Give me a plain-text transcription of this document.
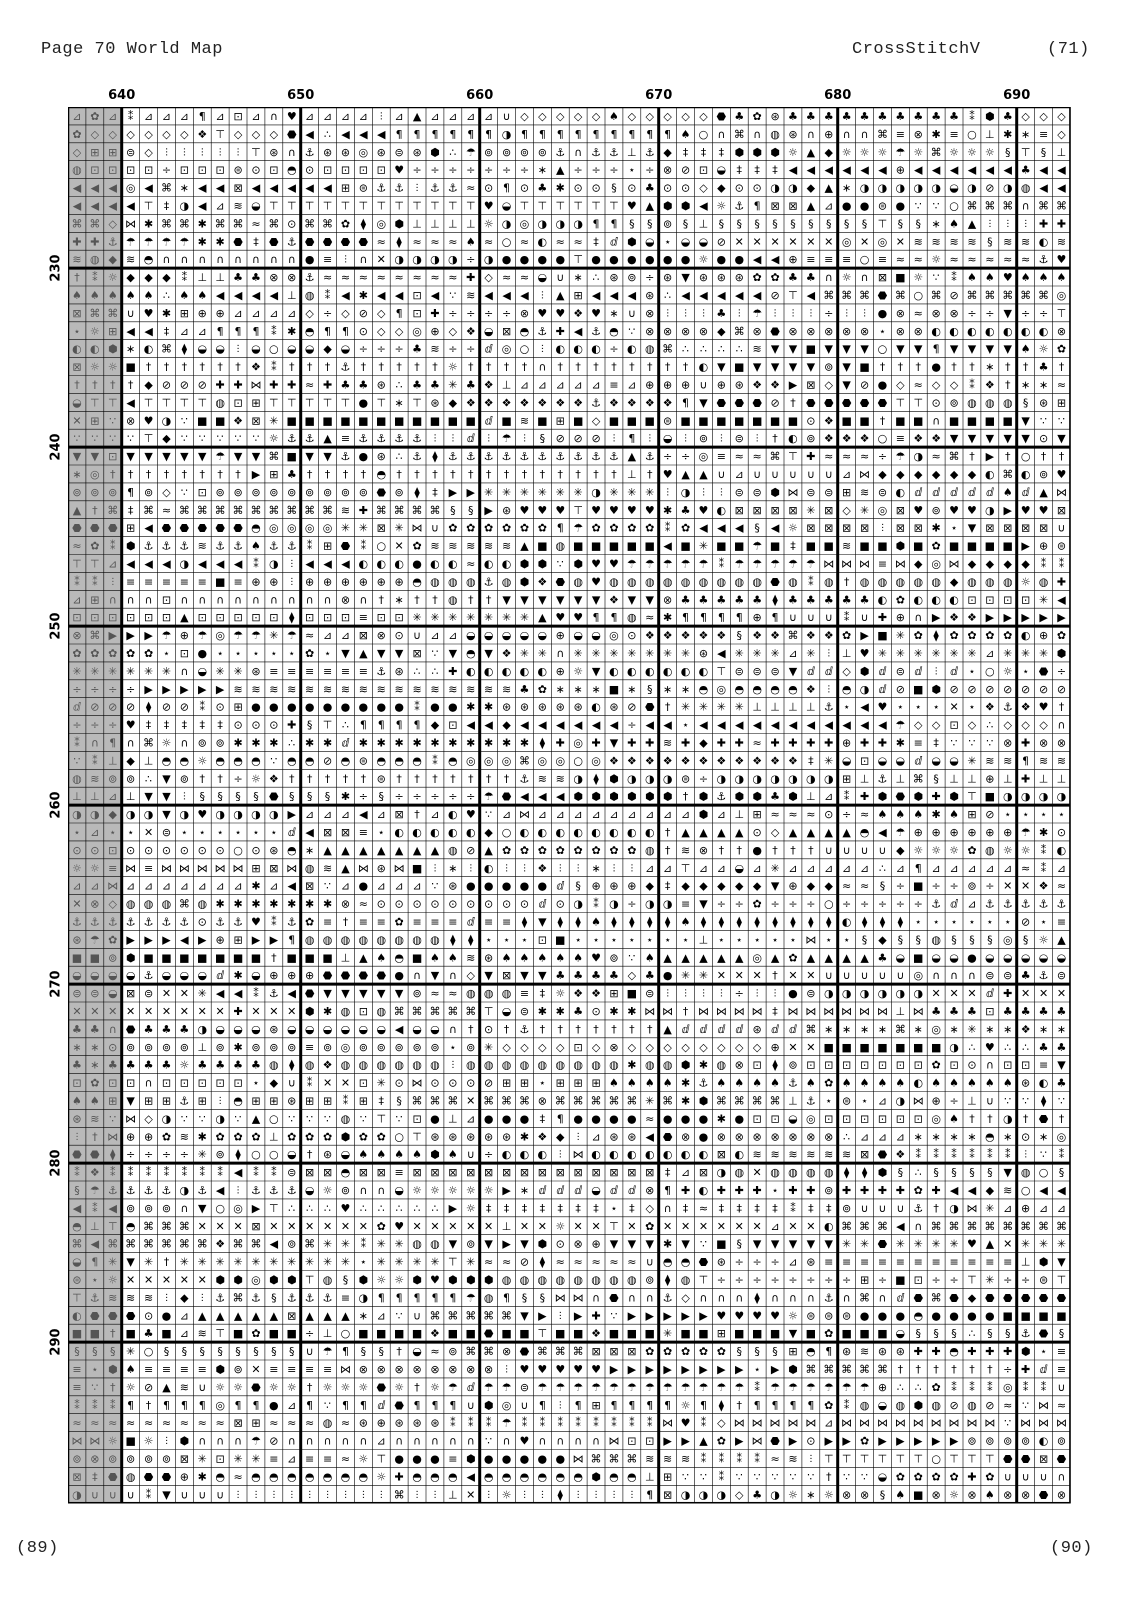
Page 70 World Map	CrossStitchV	(71)
640	650	660	670	680	690
230
240
250
260
270
280
290
⊿ ✿ ⊿ ⁑ ⊿ ⊿ ⊿ ¶ ⊿ ⊡ ⊿ ∩ ♥ ⊿ ⊿ ⊿ ⊿ ⫶ ⊿ ▲ ⊿ ⊿ ⊿ ⊿ ∪ ◇ ◇ ◇ ◇ ◇ ♠ ◇ ◇ ◇ ◇ ◇ ⬣ ♣ ✿ ⊛ ♣ ♣ ♣ ♣ ♣ ♣ ♣ ♣ ♣ ♣ ⁑ ⬢ ♣ ◇ ◇ ◇
✿ ◇ ◇ ◇ ◇ ◇ ◇ ❖ ⊤ ◇ ◇ ◇ ⬣ ◀ ∴ ◀ ◀ ◀ ¶ ¶ ¶ ¶ ¶ ¶ ◑ ¶ ¶ ¶ ¶ ¶ ¶ ¶ ¶ ¶ ♠ ○ ∩ ⌘ ∩ ◍ ⊛ ∩ ⊕ ∩ ∩ ⌘ ≡ ⊗ ✱ ≡ ○ ⊥ ✱ ∗ ≡ ◇
◇ ⊞ ⊞ ⊜ ◇ ⫶ ⫶ ⫶ ⫶ ⫶ ⊤ ⊛ ∩ ⚓ ⊛ ⊛ ◎ ⊛ ⊜ ⊛ ⬢ ∴ ☂ ⊚ ⊚ ⊚ ⊚ ⚓ ∩ ⚓ ⚓ ⊥ ⚓ ◆ ‡ ‡ ‡ ⬢ ⬢ ⬢ ☼ ▲ ◆ ☼ ☼ ☼ ☂ ☼ ⌘ ☼ ☼ ☼ § ⊤ § ⊥
◍ ⊡ ⊡ ⊡ ⊡ ÷ ⊡ ⊡ ⊡ ⊜ ⊙ ⊡ ◓ ⊙ ⊡ ⊡ ⊡ ⊡ ♥ ÷ ÷ ÷ ÷ ÷ ÷ ÷ ∗ ▲ ÷ ÷ ÷ ⋆ ÷ ⊗ ⊘ ⊡ ◒ ‡ ‡ ‡ ◀ ◀ ◀ ◀ ◀ ◀ ⊕ ◀ ◀ ◀ ◀ ◀ ◀ ♣ ◀ ◀
◀ ◀ ◀ ◎ ◀ ⌘ ∗ ◀ ◀ ⊠ ◀ ◀ ◀ ◀ ◀ ⊞ ⊜ ⚓ ⚓ ⫶ ⚓ ⚓ ≈ ⊙ ¶ ⊙ ♣ ✱ ⊙ ⊙ § ⊙ ♣ ⊙ ⊙ ◇ ◆ ⊙ ⊙ ◑ ◑ ◆ ▲ ∗ ◑ ◑ ◑ ◑ ◑ ◒ ◑ ⊘ ◑ ◍ ◀ ◀
◀ ◀ ◀ ◀ ⊤ ‡ ◑ ◀ ⊿ ≋ ◒ ⊤ ⊤ ⊤ ⊤ ⊤ ⊤ ⊤ ⊤ ⊤ ⊤ ⊤ ⊤ ♥ ◒ ⊤ ⊤ ⊤ ⊤ ⊤ ⊤ ♥ ▲ ⬢ ⬢ ◀ ☼ ⚓ ¶ ⊠ ⊠ ▲ ⊿ ● ● ⊜ ● ∵ ∵ ○ ⌘ ⌘ ⌘ ∩ ⌘ ⌘
⌘ ⌘ ◇ ⋈ ✱ ⌘ ⌘ ✱ ⌘ ⌘ ≈ ⌘ ⊙ ⌘ ⌘ ✿ ⧫ ◎ ⬢ ⊥ ⊥ ⊥ ⊥ ☼ ◑ ◎ ◑ ◑ ◑ ¶ ¶ § § ⊚ § ⊥ § § § § § § § § § ⊤ § § ∗ ♠ ▲ ⫶ ⫶ ⫶ ✚ ✚
✚ ✚ ⚓ ☂ ☂ ☂ ☂ ✱ ✱ ⬣ ‡ ⬣ ⚓ ⬣ ⬣ ⬣ ⬣ ≈ ⧫ ≈ ≈ ≈ ♠ ≈ ○ ≈ ◐ ≈ ≈ ‡ ⅆ ⬢ ◒ ⋆ ◒ ◒ ⊘ ✕ ✕ ✕ ✕ ✕ ✕ ◎ ✕ ◎ ✕ ≋ ≋ ≋ ≋ § ≋ ≋ ◐ ≋
≋ ◍ ◆ ≋ ◓ ∩ ∩ ∩ ∩ ∩ ∩ ∩ ∩ ● ≡ ⫶ ∩ ✕ ◑ ◑ ◑ ◑ ÷ ◑ ● ● ● ● ⊤ ● ● ● ● ● ● ☼ ● ● ◀ ◀ ⊕ ≡ ≡ ≡ ○ ≡ ≈ ≈ ☼ ≈ ≈ ≈ ≈ ≈ ⚓ ♥
† ⁑ ☼ ◆ ◆ ◆ ⁑ ⊥ ⊥ ♣ ♣ ⊗ ⊗ ⚓ ≈ ≈ ≈ ≈ ≈ ≈ ≈ ≈ ✚ ◇ ≈ ≈ ◒ ∪ ∗ ∴ ⊛ ⊚ ÷ ⊛ ▼ ⊛ ⊛ ⊛ ✿ ✿ ♣ ♣ ∩ ☼ ∩ ⊠ ■ ☼ ∵ ⁑ ♠ ♠ ♥ ♠ ♠ ♠
♠ ♠ ♠ ♠ ♠ ∴ ♠ ♠ ◀ ◀ ◀ ◀ ⊥ ◍ ⁑ ◀ ✱ ◀ ◀ ⊡ ◀ ∵ ≋ ◀ ◀ ◀ ⫶ ▲ ⊞ ◀ ◀ ◀ ⊛ ∴ ◀ ◀ ◀ ◀ ◀ ⊘ ⊤ ◀ ⌘ ⌘ ⌘ ⬣ ⌘ ○ ⌘ ⊘ ⌘ ⌘ ⌘ ⌘ ⌘ ◎
⊠ ⌘ ⌘ ∪ ♥ ✱ ⊞ ⊕ ⊕ ⊿ ⊿ ⊿ ⊿ ◇ ÷ ◇ ⊘ ◇ ¶ ⊡ ✚ ÷ ÷ ÷ ÷ ⊗ ♥ ♥ ❖ ♥ ∗ ∪ ⊗ ⫶ ⫶ ⫶ ♣ ⫶ ☂ ⫶ ⫶ ⫶ ÷ ⫶ ⫶ ● ⊗ ≈ ⊗ ⊗ ÷ ÷ ▼ ÷ ÷ ⊤
⋆ ☼ ⊞ ◀ ◀ ‡ ⊿ ⊿ ¶ ¶ ¶ ⁑ ✱ ◓ ¶ ¶ ⊙ ◇ ◇ ◎ ⊕ ◇ ❖ ◒ ⊠ ◓ ⚓ ✚ ◀ ⚓ ◓ ∵ ⊗ ⊗ ⊗ ⊗ ◆ ⌘ ⊗ ⬣ ⊗ ⊗ ⊗ ⊗ ⊗ ⋆ ⊗ ⊗ ◐ ◐ ◐ ◐ ◐ ◐ ◐ ⊗
◐ ◐ ⬢ ∗ ◐ ⌘ ⧫ ◒ ◒ ⫶ ◒ ○ ◒ ◒ ◆ ◒ ÷ ÷ ÷ ♣ ≋ ÷ ÷ ⅆ ◎ ○ ⫶ ◐ ◐ ◐ ÷ ◐ ◍ ⌘ ∴ ∴ ∴ ∴ ≋ ▼ ▼ ■ ▼ ▼ ▼ ○ ▼ ▼ ¶ ▼ ▼ ▼ ▼ ♠ ☼ ✿
⊠ ☼ ☼ ■ † † † † † † ❖ ⁑ † † † ⚓ † † † † † ☼ † † † † ∩ † † † † † † † † ◐ ▼ ■ ▼ ▼ ▼ ▼ ⊚ ▼ ■ † † † ● † † ∗ † † ♣ †
† † † † ◆ ⊘ ⊘ ⊘ ✚ ✚ ⋈ ✚ ✚ ≈ ✚ ♣ ♣ ⊛ ∴ ♣ ♣ ✳ ♣ ❖ ⊥ ⊿ ⊿ ⊿ ⊿ ⊿ ≡ ⊿ ⊕ ⊕ ⊕ ∪ ⊕ ⊛ ❖ ❖ ▶ ⊠ ◇ ▼ ⊘ ● ◇ ≈ ◇ ◇ ⁑ ❖ † ∗ ∗ ≈
◒ ⊤ ⊤ ◀ ⊤ ⊤ ⊤ ⊤ ◍ ⊡ ⊞ ⊤ ⊤ ⊤ ⊤ ⊤ ● ⊤ ∗ ⊤ ⊛ ◆ ❖ ❖ ❖ ❖ ❖ ❖ ❖ ⚓ ❖ ❖ ❖ ❖ ¶ ▼ ⬣ ⬣ ⬣ ⊘ † ⬣ ⬣ ⬣ ⬣ ⬣ ⊤ ⊤ ⊙ ⊚ ◍ ◍ ◍ § ⊛ ⊞
✕ ⊞ ∵ ⊗ ♥ ◑ ∵ ■ ■ ❖ ⊠ ✳ ■ ■ ■ ■ ■ ■ ■ ■ ■ ■ ■ ⅆ ■ ≋ ■ ⊞ ■ ◇ ■ ■ ■ ⊜ ■ ■ ■ ■ ■ ■ ■ ⊙ ❖ ■ ■ † ■ ■ ∩ ■ ■ ■ ■ ▼ ∵ ∵
∵ ∵ ∵ ∵ ⊤ ◆ ∵ ∵ ∵ ∵ ∵ ☼ ⚓ ⚓ ▲ ≡ ⚓ ⚓ ⚓ ⚓ ⫶ ⫶ ⅆ ⫶ ☂ ⫶ § ⊘ ⊘ ⊘ ⫶ ¶ ⫶ ◒ ⫶ ⊚ ⫶ ⊜ ⫶ † ◐ ⊚ ❖ ❖ ❖ ○ ≡ ❖ ❖ ▼ ▼ ▼ ▼ ▼ ⊙ ▼
▼ ▼ ⊡ ▼ ▼ ▼ ▼ ▼ ☂ ▼ ▼ ⌘ ■ ▼ ▼ ⚓ ● ⊛ ∴ ⚓ ⧫ ⚓ ⚓ ⚓ ⚓ ⚓ ⚓ ⚓ ⚓ ⚓ ⚓ ▲ ⚓ ÷ ÷ ◎ ≡ ≈ ≈ ⌘ ⊤ ✚ ≈ ≈ ≈ ÷ ☂ ◑ ≈ ⌘ † ▶ † ○ † †
∗ ◎ † † † † † † † † ▶ ⊞ ♣ † † † † ◓ † † † † † † † † † † † † † ⊥ † ♥ ▲ ▲ ∪ ⊿ ∪ ∪ ∪ ∪ ∪ ⊿ ⋈ ◆ ◆ ◆ ◆ ◆ ◆ ◐ ⌘ ◐ ⊚ ♥
⊚ ⊚ ⊚ ¶ ⊚ ◇ ∵ ⊡ ⊚ ⊚ ⊚ ⊚ ⊚ ⊚ ⊚ ⊚ ⊚ ⬣ ⊚ ⧫ ‡ ▶ ▶ ✳ ✳ ✳ ✳ ✳ ✳ ◑ ✳ ✳ ✳ ⫶ ◑ ⫶ ⫶ ⊜ ⊜ ⬢ ⋈ ⊜ ⊜ ⊞ ≋ ⊜ ◐ ⅆ ⅆ ⅆ ⅆ ⅆ ♠ ⅆ ▲ ⋈
▲ † ⌘ ‡ ⌘ ≈ ⌘ ⌘ ⌘ ⌘ ⌘ ⌘ ⌘ ⌘ ⌘ ≋ ✚ ⌘ ⌘ ⌘ ⌘ § § ▶ ⊛ ♥ ♥ ♥ ⊤ ♥ ♥ ♥ ♥ ✱ ♣ ♥ ◐ ⊠ ⊠ ⊠ ⊠ ✳ ⊠ ◇ ✳ ◎ ⊠ ♥ ⊚ ♥ ♥ ◑ ▶ ♥ ♥ ⊠
⬣ ⬣ ⬣ ⊞ ◀ ⬣ ⬣ ⬣ ⬣ ⬣ ◓ ◎ ◎ ◎ ◎ ✳ ✳ ⊠ ✳ ⋈ ∪ ✿ ✿ ✿ ✿ ✿ ✿ ¶ ☂ ✿ ✿ ✿ ✿ ⁑ ✿ ◀ ◀ ◀ § ◀ ☼ ⊠ ⊠ ⊠ ⊠ ⫶ ⊠ ⊠ ✱ ⋆ ▼ ⊠ ⊠ ⊠ ⊠ ∪
≈ ✿ ⁑ ⬢ ⚓ ⚓ ⚓ ≋ ⚓ ⚓ ♠ ⚓ ⚓ ⁑ ⊞ ⬣ ⁑ ○ ✕ ✿ ≋ ≋ ≋ ≋ ≋ ▲ ■ ◍ ■ ■ ■ ■ ■ ◀ ■ ✳ ■ ■ ☂ ■ ‡ ■ ■ ≋ ■ ■ ⬢ ■ ✿ ■ ■ ■ ■ ▶ ⊕ ⊜
⊤ ⊤ ⊿ ◀ ◀ ◀ ◑ ◀ ◀ ◀ ⁑ ◑ ⫶ ◀ ◀ ◀ ◐ ◐ ◐ ● ◐ ◐ ≈ ◐ ◐ ⬢ ⬢ ∵ ⬢ ♥ ♥ ☂ ☂ ☂ ☂ ☂ ⁑ ☂ ☂ ☂ ☂ ☂ ⋈ ⋈ ⋈ ≡ ⋈ ◆ ◎ ⋈ ◆ ◆ ◆ ◆ ⁑ ⁑
⁑ ⁑ ⫶ ≡ ≡ ≡ ≡ ≡ ■ ≡ ⊕ ⊕ ⫶ ⊕ ⊕ ⊕ ⊕ ⊕ ⊕ ◓ ◍ ◍ ◍ ⚓ ◍ ⬢ ❖ ⬣ ◍ ♥ ◍ ◍ ◍ ◍ ◍ ◍ ◍ ◍ ◍ ⬣ ◍ ⁑ ◍ † ◍ ◍ ◍ ◍ ◍ ◆ ◍ ◍ ◍ ☼ ◍ ✚
⊿ ⊞ ∩ ∩ ∩ ⊡ ∩ ∩ ∩ ∩ ∩ ∩ ∩ ∩ ∩ ⊗ ∩ † ∗ † † ◍ † † ▼ ▼ ▼ ▼ ▼ ▼ ❖ ▼ ▼ ⊗ ♣ ♣ ♣ ♣ ♣ ⧫ ♣ ♣ ♣ ♣ ♣ ◐ ✿ ◐ ◐ ◐ ⊡ ⊡ ⊡ ⊡ ✳ ◀
⊡ ⊡ ⊡ ⊡ ⊡ ⊡ ▲ ⊡ ⊡ ⊡ ⊡ ⊡ ⧫ ⊡ ⊡ ⊡ ≡ ⊡ ⊡ ✳ ✳ ✳ ✳ ✳ ✳ ✳ ▲ ♥ ♥ ¶ ¶ ◍ ≈ ✱ ¶ ¶ ¶ ¶ ⊕ ¶ ∪ ∪ ∪ ⁑ ∪ ✚ ⊕ ∩ ▶ ❖ ❖ ▶ ▶ ▶ ▶ ▶
⊗ ⌘ ▶ ▶ ▶ ☂ ⊕ ☂ ◎ ☂ ☂ ✳ ☂ ≈ ⊿ ⊿ ⊠ ⊗ ⊙ ∪ ⊿ ⊿ ◒ ◒ ◒ ◒ ◒ ⊕ ◒ ◒ ◎ ⊙ ❖ ❖ ❖ ❖ ❖ § ❖ ❖ ⌘ ❖ ❖ ✿ ▶ ■ ✳ ✿ ⧫ ✿ ✿ ✿ ✿ ◐ ⊕ ✿
✿ ✿ ✿ ✿ ✿ ⋆ ⊡ ● ⋆ ⋆ ⋆ ⋆ ⋆ ✿ ⋆ ▼ ▲ ▼ ▼ ⊠ ∵ ▼ ◓ ▼ ❖ ✳ ✳ ∩ ✳ ✳ ✳ ✳ ✳ ✳ ✳ ⊛ ◀ ✳ ✳ ✳ ⊿ ✳ ⫶ ⊥ ♥ ✳ ✳ ✳ ✳ ✳ ✳ ⊿ ✳ ✳ ✳ ⬢
✳ ✳ ✳ ✳ ✳ ✳ ∩ ◒ ✳ ✳ ⊛ ≡ ≡ ≡ ≡ ≡ ≡ ⚓ ⊛ ∴ ∴ ✚ ◐ ◐ ◐ ◐ ◐ ⊕ ☼ ▼ ◐ ◐ ◐ ◐ ◐ ◐ ⊤ ⊜ ⊜ ⊜ ▼ ⅆ ⅆ ◇ ⬢ ⅆ ⊜ ⅆ ⫶ ⅆ ⋆ ○ ☼ ⋆ ⬣ ÷
÷ ÷ ÷ ÷ ▶ ▶ ▶ ▶ ▶ ≋ ≋ ≋ ≋ ≋ ≋ ≋ ≋ ≋ ≋ ≋ ≋ ≋ ≋ ≋ ≋ ♣ ✿ ∗ ∗ ∗ ■ ∗ § ∗ ∗ ◓ ◎ ◓ ◓ ◓ ◓ ❖ ⫶ ◓ ◑ ⅆ ⊘ ■ ⬢ ⊘ ⊘ ⊘ ⊘ ⊘ ⊘ ⊘
ⅆ ⊘ ⊘ ⊘ ⧫ ⊘ ⊘ ⁑ ⊙ ⊞ ● ● ● ● ● ● ● ● ● ⁑ ● ● ✱ ✱ ⊛ ⊛ ⊛ ⊛ ⊛ ◐ ⊛ ⊘ ⬣ † ✳ ✳ ✳ ✳ ⊥ ⊥ ⊥ ⊥ ⚓ ⋆ ◀ ♥ ⋆ ⋆ ⋆ ✕ ⋆ ❖ ⚓ ❖ ♥ †
÷ ÷ ÷ ♥ ‡ ‡ ‡ ‡ ‡ ⊙ ⊙ ⊙ ✚ § ⊤ ∴ ¶ ¶ ¶ ¶ ◆ ⊡ ◀ ◀ ◆ ◀ ◀ ◀ ◀ ◀ ◀ ÷ ◀ ◀ ⋆ ◀ ◀ ◀ ◀ ◀ ◀ ◀ ◀ ◀ ◀ ◀ ☂ ◇ ◇ ⊡ ◇ ∴ ◇ ◇ ◇ ∩
⁑ ∩ ¶ ∩ ⌘ ☼ ∩ ⊚ ⊚ ✱ ✱ ✱ ∴ ✱ ✱ ⅆ ✱ ✱ ✱ ✱ ✱ ✱ ✱ ✱ ✱ ✱ ⧫ ✚ ◎ ✚ ▼ ✚ ✚ ≋ ✚ ◆ ✚ ✚ ≈ ✚ ✚ ✚ ✚ ⊕ ✚ ✚ ✱ ≡ ‡ ∵ ∵ ∵ ⊗ ✚ ⊗ ⊗
∵ ⁑ ⊥ ◆ ⊥ ◓ ◓ ☼ ◓ ◓ ◓ ∵ ◓ ◓ ⊘ ◓ ⊜ ◓ ◓ ◓ ⁑ ◓ ◎ ◎ ◎ ⌘ ◎ ◎ ○ ◎ ❖ ❖ ❖ ❖ ❖ ❖ ❖ ❖ ❖ ❖ ❖ ‡ ✳ ◒ ⊡ ◒ ◒ ⅆ ◒ ◒ ✳ ≋ ≋ ¶ ≋ ≋
◍ ≋ ⊚ ⊚ ∴ ▼ ⊚ † † ÷ ☼ ❖ † † † † † ⊜ † † † † † † † ⚓ ≋ ≋ ◑ ⧫ ⬢ ◑ ◑ ◑ ⊜ ÷ ◑ ◑ ◑ ◑ ◑ ◑ ◑ ⊞ ⊥ ⚓ ⊥ ⌘ § ⊥ ⊥ ⊕ ⊥ ✚ ⊥ ⊥
⊥ ⊥ ⊿ ⊥ ▼ ▼ ⫶ § § § § ⬣ § § § ✱ ÷ § ÷ ÷ ÷ ÷ ÷ ☂ ⬣ ◀ ◀ ◀ ⬢ ⬢ ⬢ ⬢ ⬢ ⬢ † ⬢ ⚓ ⬢ ⬢ ♣ ⬢ ⊥ ⊿ ⁑ ✚ ⬢ ⬣ ⬢ ✚ ⬢ ⊤ ■ ◑ ◑ ◑ ◑
◑ ◑ ◆ ◑ ◑ ▼ ◑ ♥ ◑ ◑ ◑ ◑ ▶ ⊿ ⊿ ⊿ ◀ ⊿ ⊠ † ⊿ ◐ ♥ ∵ ⊿ ⋈ ⊿ ⊿ ⊿ ⊿ ⊿ ⊿ ⊿ ⊿ ⊿ ⬢ ⊿ ⊥ ⊞ ≈ ≈ ≈ ⊙ ÷ ≈ ♠ ♠ ♠ ✱ ♠ ⊞ ⊘ ⋆ ⋆ ⋆ ⋆
⋆ ⊿ ⋆ ⋆ ✕ ⊜ ⋆ ⋆ ⋆ ⋆ ⋆ ⋆ ⅆ ◀ ⊠ ⊠ ≡ ⋆ ◐ ◐ ◐ ◐ ◐ ◆ ○ ◐ ◐ ◐ ◐ ◐ ◐ ◐ ◐ † ▲ ▲ ▲ ▲ ⊙ ◇ ▲ ▲ ▲ ▲ ◓ ◀ ☂ ⊕ ⊕ ⊕ ⊕ ⊕ ⊕ ☂ ✱ ⊙
⊙ ⊙ ⊡ ⊙ ⊙ ⊙ ⊙ ⊙ ⊙ ○ ⊙ ⊛ ◓ ∗ ▲ ▲ ▲ ▲ ▲ ▲ ▲ ◍ ⊘ ▲ ✿ ✿ ✿ ✿ ✿ ✿ ✿ ✿ ◍ † ≋ ⊗ † † ● † † † ∪ ∪ ∪ ∪ ◆ ☼ ☼ ☼ ✿ ◍ ☼ ☼ ⁑ ◐
☼ ☼ ≡ ⋈ ≡ ⋈ ⋈ ⋈ ⋈ ⋈ ⊞ ⊠ ⋈ ◍ ≋ ▲ ⋈ ⊛ ⋈ ■ ⫶ ∗ ⫶ ◐ ⫶ ⫶ ❖ ⫶ ⫶ ∗ ⫶ ⫶ ⊿ ⊿ ⊤ ⊿ ⊿ ◒ ⊿ ✳ ⊿ ⊿ ⊿ ⊿ ⊿ ∴ ⊿ ¶ ⊿ ⊿ ⊿ ⊿ ⊿ ≈ ⁑ ⊿
⊿ ⊿ ⋈ ⊿ ⊿ ⊿ ⊿ ⊿ ⊿ ⊿ ✱ ⊿ ◀ ⊠ ∵ ⊿ ● ⊿ ⊿ ⊿ ∵ ⊛ ● ● ● ● ● ⅆ § ⊕ ⊕ ⊕ ◆ ‡ ◆ ◆ ◆ ◆ ◆ ▼ ⊕ ◆ ◆ ≈ ≈ § ÷ ■ ÷ ÷ ⊚ ÷ ✕ ✕ ❖ ≈
✕ ⊗ ◇ ◍ ◍ ◍ ⌘ ◍ ✱ ✱ ✱ ✱ ✱ ✱ ✱ ⊗ ≈ ⊙ ⊙ ⊙ ⊙ ⊙ ⊙ ⊙ ⊙ ⊙ ⅆ ⊙ ◑ ⁑ ◑ ÷ ◑ ◑ ≡ ▼ ÷ ÷ ✿ ÷ ÷ ÷ ○ ÷ ÷ ÷ ÷ ÷ ⚓ ⅆ ⊿ ⚓ ⚓ ⚓ ⚓ ⚓
⚓ ⚓ ⚓ ⚓ ⚓ ⚓ ⚓ ⊙ ⚓ ⚓ ♥ ⁑ ⚓ ✿ ≡ † ≡ ≡ ✿ ≡ ≡ ≡ ⅆ ≡ ≡ ⧫ ▼ ⧫ ⧫ ♠ ⧫ ⧫ ⧫ ⧫ ♠ ⧫ ⧫ ⧫ ⧫ ⧫ ⧫ ⧫ ⧫ ◐ ⧫ ⧫ ⧫ ⋆ ⋆ ⋆ ⋆ ⋆ ⋆ ⊘ ⋆ ≡
⊛ ☂ ✿ ▶ ▶ ▶ ◀ ▶ ⊕ ⊞ ▶ ▶ ¶ ◍ ◍ ◍ ◍ ◍ ◍ ◍ ◍ ⧫ ⧫ ⋆ ⋆ ⋆ ⊡ ■ ⋆ ⋆ ⋆ ⋆ ⋆ ⋆ ⋆ ⊥ ⋆ ⋆ ⋆ ⋆ ⋆ ⋈ ⋆ ⋆ § ◆ § § ◍ § § § ◎ § ☼ ▲
■ ■ ⊚ ⬢ ■ ■ ■ ■ ■ ■ ■ † ■ ■ ■ ⊥ ▲ ♠ ◓ ■ ♠ ♠ ≋ ⊛ ♠ ♠ ♠ ♠ ♠ ♥ ⊚ ∵ ♠ ▲ ▲ ▲ ▲ ▲ ◎ ▲ ✿ ▲ ▲ ▲ ▲ ♣ ◒ ■ ◒ ◒ ● ◒ ◒ ◒ ◒ ◒
◒ ◒ ◒ ◒ ⚓ ◒ ◒ ◒ ⅆ ✱ ◒ ⊕ ⊕ ⊕ ⬣ ⬣ ⬣ ⬣ ● ∩ ▼ ∩ ◇ ▼ ⊠ ▼ ▼ ♣ ♣ ♣ ♣ ◇ ♣ ● ✳ ✳ ✕ ✕ ✕ † ✕ ✕ ∪ ∪ ∪ ∪ ∪ ◎ ∩ ∩ ∩ ⊜ ⊜ ♣ ⚓ ⊜
⊜ ⊜ ◒ ⊠ ⊜ ✕ ✕ ✳ ◀ ◀ ⁑ ⚓ ◀ ⬣ ▼ ▼ ▼ ▼ ▼ ⊚ ≈ ≈ ◍ ◍ ◍ ≡ ‡ ☼ ❖ ❖ ⊞ ■ ⊜ ⫶ ⫶ ⫶ ⫶ ÷ ⫶ ⫶ ● ⊜ ◑ ◑ ◑ ◑ ◑ ◑ ✕ ✕ ✕ ⅆ ✚ ✕ ✕ ✕
✕ ✕ ✕ ✕ ✕ ✕ ✕ ✕ ✕ ✚ ✕ ✕ ✕ ⬢ ✱ ◍ ⊡ ◍ ⌘ ⌘ ⌘ ⌘ ⌘ ⊤ ◒ ⊜ ✱ ✱ ♣ ⊙ ✱ ✱ ⋈ ⋈ † ⋈ ⋈ ⋈ ⋈ ‡ ⋈ ⋈ ⋈ ⋈ ⋈ ⋈ ⊥ ⋈ ♣ ♣ ♣ ⊡ ♣ ♣ ♣ ♣
♣ ♣ ∩ ⬣ ♣ ♣ ♣ ◑ ◒ ◒ ◒ ⊛ ◒ ◒ ◒ ◒ ◒ ◒ ◀ ◒ ◒ ∩ † ⊙ † ⚓ † † † † † † † ▲ ⅆ ⅆ ⅆ ⅆ ⊛ ⅆ ⅆ ⌘ ∗ ∗ ∗ ∗ ⌘ ∗ ◎ ∗ ✳ ∗ ∗ ❖ ∗ ∗
∗ ∗ ⊙ ⊚ ⊚ ⊚ ⊚ ⊥ ⊚ ✱ ⊚ ⊚ ⊚ ≡ ⊚ ◎ ⊚ ⊚ ⊚ ⊚ ⊚ ⋆ ⊚ ✳ ◇ ◇ ◇ ◇ ⊡ ◇ ⊗ ◇ ◇ ◇ ◇ ◇ ◇ ◇ ◇ ⊕ ✕ ✕ ■ ■ ■ ■ ■ ■ ■ ◑ ∴ ♥ ∴ ∴ ♣ ♣
♣ ∗ ♣ ♣ ♣ ♣ ☼ ♣ ♣ ♣ ♣ ◍ ⧫ ◍ ❖ ◍ ◍ ◍ ◍ ◍ ◍ ⫶ ◍ ◍ ◍ ◍ ◍ ◍ ◍ ◍ ◍ ✱ ◍ ◍ ⬢ ✱ ◍ ⊗ ⊡ ⧫ ⊚ ⊡ ⊡ ⊡ ⊡ ⊡ ⊡ ⊡ ✿ ⊡ ⊙ ∩ ⊡ ⊡ ≡ ▼
⊡ ✿ ⊡ ⊡ ∩ ⊡ ⊡ ⊡ ⊡ ⊡ ⋆ ◆ ∪ ⁑ ✕ ✕ ⊡ ✳ ⊙ ⋈ ⊙ ⊙ ⊙ ⊘ ⊞ ⊞ ⋆ ⊞ ⊞ ⊞ ♠ ♠ ♠ ♠ ✱ ⚓ ♠ ♠ ♠ ♠ ⚓ ♠ ✿ ♠ ♠ ♠ ♠ ◐ ♠ ♠ ♠ ♠ ♠ ⊛ ◐ ♣
♠ ♠ ⊞ ▼ ⊞ ⊞ ⚓ ⊞ ⫶ ◓ ⊞ ⊞ ⊛ ⊞ ⊞ ⁑ ⊞ ‡ § ⌘ ⌘ ⌘ ✕ ⌘ ⌘ ⌘ ⊗ ⌘ ⌘ ⌘ ⌘ ⌘ ✳ ⌘ ✱ ⬢ ⌘ ⌘ ⌘ ⌘ ⊥ ⚓ ⋆ ⊜ ⋆ ⊿ ◑ ⋈ ⊕ ÷ ⊥ ∪ ∵ ∵ ⧫ ∵
⊛ ≋ ∵ ⋈ ◇ ◑ ∵ ∵ ◑ ∵ ▲ ○ ∵ ∵ ∵ ◍ ∵ ⊤ ∵ ⊡ ● ⊥ ⊿ ● ● ● ‡ ¶ ● ● ● ● ≈ ● ● ● ✱ ● ⊡ ⊡ ◒ ◎ ⊡ ⊡ ⊡ ⊡ ⊡ ⊡ ◎ ♠ † † ◑ † ⬣ †
⫶ † ⋈ ⊕ ⊕ ✿ ≋ ✱ ✿ ✿ ✿ ⊥ ✿ ✿ ✿ ⬢ ✿ ✿ ○ ⊤ ⊛ ⊛ ⊛ ⊛ ⊛ ✱ ❖ ◆ ⫶ ⊿ ⊛ ⊛ ◀ ⬣ ⊗ ● ⊗ ⊗ ⊗ ⊗ ⊗ ⊗ ⊗ ∴ ⊿ ⊿ ⊿ ∗ ∗ ∗ ∗ ◓ ∗ ⊙ ∗ ◎
⬣ ⬣ ⧫ ÷ ÷ ÷ ÷ ✳ ⊚ ⧫ ○ ○ ◒ † ⊛ ◒ ♠ ♠ ♠ ♠ ⬢ ♠ ∪ ÷ ◐ ◐ ◐ ⫶ ⋈ ◐ ◐ ◐ ◐ ◐ ◐ ◐ ⊠ ◐ ≋ ≋ ≋ ≋ ≋ ≋ ⊠ ⬣ ❖ ⁑ ⁑ ⁑ ⁑ ⁑ ⁑ ⫶ ∵ ⁑
⁑ ❖ ⁑ ⁑ ⁑ ⁑ ⁑ ⁑ ⁑ ◀ ⁑ ⁑ ⊜ ⊠ ⊠ ◓ ⊠ ⊠ ≡ ⊠ ⊠ ⊠ ⊠ ⊠ ⊠ ⊠ ⊠ ⊠ ⊠ ⊠ ⊠ ⊠ ⊠ ‡ ⊿ ⊠ ◑ ◍ ✕ ◍ ◍ ◍ ◍ ⧫ ⧫ ⬢ § ∴ § § § § ▼ ◍ ○ §
§ ☂ ⚓ ⚓ ⚓ ⚓ ◑ ⚓ ◀ ⫶ ⚓ ⚓ ⚓ ◒ ☼ ⊚ ∩ ∩ ◒ ☼ ☼ ☼ ☼ ☼ ▶ ∗ ⅆ ⅆ ⅆ ◒ ⅆ ⅆ ⊗ ¶ ✚ ◐ ✚ ✚ ✚ ⋆ ✚ ✚ ⊚ ✚ ✚ ✚ ✚ ✿ ✚ ◀ ◀ ◆ ≋ ○ ◀ ◀
◀ ⁑ ◀ ⊚ ⊚ ⊚ ∩ ▼ ○ ◎ ▶ ⊤ ∴ ∴ ∴ ♥ ∴ ∴ ∴ ∴ ∴ ▶ ☼ ‡ ‡ ‡ ‡ ‡ ‡ ‡ ⋆ ‡ ◇ ∩ ‡ ≈ ‡ ‡ ‡ ‡ ⁑ ‡ ‡ ⊚ ∪ ∪ ∪ ⚓ † ◑ ⋈ ✳ ⊿ ⊕ ⊿ ⊿
◓ ⊥ ⊤ ◓ ⌘ ⌘ ⌘ ✕ ✕ ✕ ⊠ ✕ ✕ ✕ ✕ ✕ ✕ ✿ ♥ ✕ ✕ ✕ ✕ ✕ ⊥ ✕ ✕ ☼ ✕ ✕ ⊤ ✕ ✿ ✕ ✕ ✕ ✕ ✕ ✕ ⊿ ✕ ✕ ◐ ⌘ ⌘ ⌘ ◀ ∩ ⌘ ⌘ ⌘ ⌘ ⌘ ⌘ ⌘ ⌘
⌘ ◀ ⌘ ⌘ ⌘ ⌘ ⌘ ⌘ ❖ ⌘ ⌘ ◀ ⊚ ⌘ ✳ ✳ ⁑ ✳ ✳ ◍ ◍ ▼ ⊚ ▼ ▶ ▼ ⬢ ⊙ ⊗ ⊕ ▼ ▼ ▼ ✱ ▼ ∵ ■ § ▼ ▼ ▼ ▼ ▼ ✳ ✳ ⬣ ✳ ✳ ✳ ✳ ♥ ▲ ✕ ✳ ✳ ✳
◒ ¶ ✳ ▼ ✳ † ✳ ✳ ✳ ✳ ✳ ✳ ✳ ✳ ✳ ✳ ⋆ ✳ ✳ ✳ ✳ ⊤ ✳ ≈ ≈ ⊘ ⧫ ≈ ≈ ≈ ≈ ≈ ∪ ◓ ◓ ⬣ ⊛ ÷ ÷ ÷ ⊿ ⊛ ≡ ≡ ≡ ≡ ≡ ≡ ≡ ≡ ≡ ≡ ≡ ⊥ ⬢ ▼
⊜ ⋆ ☼ ✕ ✕ ✕ ✕ ✕ ⬢ ⬢ ◎ ⬢ ⬢ ⊤ ◍ § ⬢ ☼ ☼ ⬢ ♥ ⬢ ⬢ ⬢ ◍ ◍ ◍ ◍ ◍ ◍ ◍ ◍ ⊚ ⧫ ◍ ⊤ ÷ ÷ ÷ ÷ ÷ ÷ ÷ ÷ ⊞ ÷ ■ ⊡ ÷ ÷ ⊤ ✳ ÷ ÷ ⊜ ⊤
⊤ ⚓ ≋ ≋ ≋ ⫶ ◆ ⫶ ⚓ ⌘ ⚓ § ⚓ ⚓ ⚓ ≡ ◑ ¶ ¶ ¶ ¶ ¶ ☂ ◍ ¶ § § ⋈ ⋈ ∩ ⬣ ∩ ∩ ⚓ ◇ ∩ ∩ ∩ ⧫ ∩ ∩ ∩ ⚓ ∩ ⌘ ∩ ⅆ ⬣ ⌘ ⬣ ◆ ⬣ ⬣ ⬣ ⬣ ⬣
◐ ⬣ ⬣ ⬣ ⊙ ● ⊿ ▲ ▲ ▲ ▲ ▲ ⊠ ▲ ▲ ▲ ∗ ⊿ ∵ ∪ ⌘ ⌘ ⌘ ⌘ ⌘ ▼ ▶ ⫶ ▶ ✚ ∵ ▶ ▶ ▶ ▶ ▶ ♥ ♥ ♥ ♥ ☼ ⊜ ⊜ ⊜ ● ● ● ◓ ● ● ● ● ■ ■ ■ ■
■ ■ † ■ ♣ ■ ⊿ ≋ ⊤ ■ ✿ ■ ■ ÷ ⊥ ○ ■ ■ ■ ■ ❖ ■ ■ ⬣ ■ ■ ⊤ ■ ■ ❖ ■ ■ ■ ✳ ■ ■ ⊞ ■ ■ ■ ▼ ■ ✿ ■ ■ ■ ◒ § § § ∴ § § ⚓ ⬣ §
§ § § ✳ ○ § § § § § § § § ∪ ☂ ¶ § § † ◒ ≈ ⊚ ⌘ ⌘ ⊗ ⬣ ⌘ ⌘ ⌘ ⊠ ⊠ ⊠ ✿ ✿ ✿ ✿ ✿ § § § ⊞ ◓ ¶ ⊛ ≋ ⊛ ⊛ ✚ ✚ ◓ ✚ ✚ ✚ ⬢ ⋆ ≡
≡ ⋆ ⬢ ♠ ≡ ≡ ≡ ≡ ⬢ ⊚ ✕ ≡ ≡ ≡ ≡ ⋈ ⊗ ⊗ ⊗ ⊗ ⊗ ⊗ ⊗ ⊗ ⫶ ♥ ♥ ♥ ♥ ♥ ▶ ▶ ▶ ▶ ▶ ▶ ▶ ▶ ⋆ ▶ ⬢ ⌘ ⌘ ⌘ ⌘ ⌘ † † † † † † ÷ ✚ ⅆ ≡
≡ ∵ † ☼ ⊘ ▲ ≋ ∪ ☼ ☼ ⬣ ☼ ☼ † ☼ ☼ ☼ ⬣ ☼ † ☼ ☂ ⅆ ☂ ☂ ⊜ ☂ ☂ ☂ ☂ ☂ ☂ ☂ ☂ ☂ ☂ ☂ ☂ ⁑ ☂ ☂ ☂ ☂ ☂ ☂ ⊕ ∴ ∴ ✿ ⁑ ⁑ ⁑ ◎ ⁑ ⁑ ∪
⁑ ⁑ ⁑ ¶ † ¶ ¶ ¶ ◎ ¶ ¶ ● ⊿ ¶ ∵ ¶ ¶ ⅆ ⬣ ¶ ¶ ¶ ∪ ⬢ ◎ ∪ ¶ ⫶ ¶ ⊞ ¶ ¶ ¶ ¶ ☼ ¶ ⧫ † ¶ ¶ ¶ ¶ ✿ ⁑ ◍ ◒ ◍ ⬢ ◍ ⊘ ◍ ⊘ ≈ ∵ ⋈ ≈
≈ ≈ ≈ ≈ ≈ ≈ ≈ ≈ ≈ ⊠ ⊞ ≈ ≈ ≈ ◍ ≈ ⊛ ⊕ ⊛ ⊛ ⊛ ⁑ ⁑ ⁑ ☂ ⁑ ⁑ ⁑ ⁑ ⁑ ⁑ ⁑ ⁑ ⋈ ♥ ⁑ ◇ ⋈ ⋈ ⋈ ⋈ ⋈ ⊿ ⋈ ⋈ ⋈ ⋈ ⋈ ⋈ ⋈ ⋈ ⋈ ∵ ⋈ ⋈ ⋈
⋈ ⋈ ☼ ■ ☼ ⫶ ⬢ ∩ ∩ ∩ ☂ ⊘ ∩ ∩ ∩ ∩ ∩ ⊿ ∩ ∩ ∩ ∩ ∩ ∵ ∩ ♥ ∩ ∩ ∩ ∩ ⋈ ⊡ ⊡ ▶ ▶ ▲ ✿ ▶ ⋈ ⬣ ▶ ⊙ ▶ ▶ ✿ ▶ ▶ ▶ ▶ ▶ ⊚ ⊚ ⊚ ⊚ ◐ ⊚
⊚ ⊗ ⊚ ⊚ ⊚ ⊚ ⊠ ✳ ⊡ ✳ ✳ ≡ ⊿ ≡ ≡ ≈ ☼ ⊤ ● ● ● ≡ ⬢ ● ● ● ● ● ⋈ ⌘ ⌘ ⌘ ≋ ≋ ≋ ⁑ ⁑ ⁑ ⁑ ≈ ≋ ⫶ ⊤ ⊤ ⊤ ⊤ ⊤ ⊤ ○ ⊤ ⊤ ⊤ ⬣ ⬣ ⊠ ⬣
⊠ ‡ ⬣ ◍ ⬣ ⬣ ⊕ ✱ ◓ ≈ ◓ ◓ ◓ ◓ ◓ ◓ ◓ ☼ ✚ ◓ ◓ ◓ ◀ ◓ ◓ ◓ ◓ ◓ ◓ ⬢ ◓ ◓ ⊥ ⊞ ∵ ∵ ⁑ ∵ ∵ ∵ ∵ ∵ † ∵ ∵ ◒ ✿ ✿ ✿ ✿ ✚ ✿ ∪ ∪ ∪ ∩
◑ ∪ ∪ ∪ ⁑ ▼ ∪ ∪ ∪ ⫶ ⫶ ⫶ ⫶ ⫶ ⫶ ⫶ ⫶ ⫶ ⌘ ⫶ ⫶ ⊥ ✕ ⫶ ☼ ⫶ ⫶ ⧫ ⫶ ⫶ ⫶ ⫶ ¶ ⊠ ◑ ◑ ◑ ◇ ♣ ◑ ☼ ∗ ☼ ⊗ ⊗ § ♠ ■ ⊗ ☼ ⊗ ♠ ⊗ ⊗ ⬣ ⊗
(89)	(90)
